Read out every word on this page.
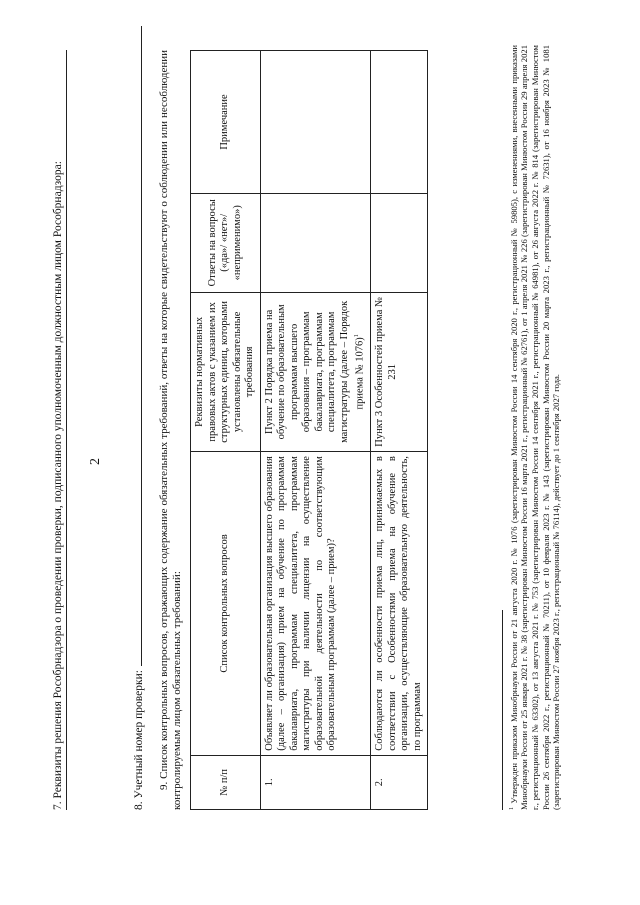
2
7. Реквизиты решения Рособрнадзора о проведении проверки, подписанного уполномоченным должностным лицом Рособрнадзора:	8. Учетный номер проверки: 9. Список контрольных вопросов, отражающих содержание обязательных требований, ответы на которые свидетельствуют о соблюдении или несоблюдении контролируемым лицом обязательных требований:	№ п/п	Список контрольных вопросов	Реквизиты нормативных правовых актов с указанием их структурных единиц, которыми установлены обязательные требования	Ответы на вопросы («да»/ «нет»/ «неприменимо»)	Примечание
1.	Объявляет ли образовательная организация высшего образования (далее – организация) прием на обучение по программам бакалавриата, программам специалитета, программам магистратуры при наличии лицензии на осуществление образовательной деятельности по соответствующим образовательным программам (далее – прием)?	Пункт 2 Порядка приема на обучение по образовательным программам высшего образования – программам бакалавриата, программам специалитета, программам магистратуры (далее – Порядок приема № 1076)$^1$		
2.	Соблюдаются ли особенности приема лиц, принимаемых в соответствии с Особенностями приема на обучение в организации, осуществляющие образовательную деятельность, по программам	Пункт 3 Особенностей приема № 231		
$^1$ Утвержден приказом Минобрнауки России от 21 августа 2020 г. № 1076 (зарегистрирован Минюстом России 14 сентября 2020 г., регистрационный № 59805), с изменениями, внесенными приказами Минобрнауки России от 25 января 2021 г. № 38 (зарегистрирован Минюстом России 16 марта 2021 г., регистрационный № 62761), от 1 апреля 2021 № 226 (зарегистрирован Минюстом России 29 апреля 2021 г., регистрационный № 63302), от 13 августа 2021 г. № 753 (зарегистрирован Минюстом России 14 сентября 2021 г., регистрационный № 64981), от 26 августа 2022 г. № 814 (зарегистрирован Минюстом России 26 сентября 2022 г., регистрационный № 70211), от 10 февраля 2023 г. № 143 (зарегистрирован Минюстом России 20 марта 2023 г., регистрационный № 72631), от 16 ноября 2023 № 1081 (зарегистрирован Минюстом России 27 ноября 2023 г., регистрационный № 76114), действует до 1 сентября 2027 года.
